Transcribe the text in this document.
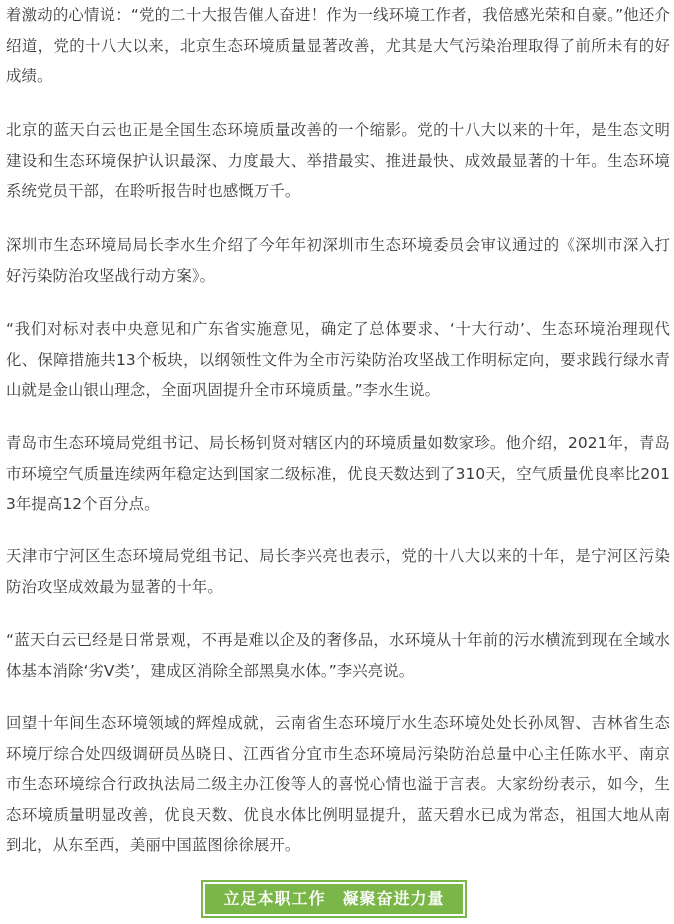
着激动的心情说：“党的二十大报告催人奋进！作为一线环境工作者，我倍感光荣和自豪。”他还介绍道，党的十八大以来，北京生态环境质量显著改善，尤其是大气污染治理取得了前所未有的好成绩。

北京的蓝天白云也正是全国生态环境质量改善的一个缩影。党的十八大以来的十年，是生态文明建设和生态环境保护认识最深、力度最大、举措最实、推进最快、成效最显著的十年。生态环境系统党员干部，在聆听报告时也感慨万千。

深圳市生态环境局局长李水生介绍了今年年初深圳市生态环境委员会审议通过的《深圳市深入打好污染防治攻坚战行动方案》。

“我们对标对表中央意见和广东省实施意见，确定了总体要求、‘十大行动’、生态环境治理现代化、保障措施共13个板块，以纲领性文件为全市污染防治攻坚战工作明标定向，要求践行绿水青山就是金山银山理念，全面巩固提升全市环境质量。”李水生说。

青岛市生态环境局党组书记、局长杨钊贤对辖区内的环境质量如数家珍。他介绍，2021年，青岛市环境空气质量连续两年稳定达到国家二级标准，优良天数达到了310天，空气质量优良率比2013年提高12个百分点。

天津市宁河区生态环境局党组书记、局长李兴亮也表示，党的十八大以来的十年，是宁河区污染防治攻坚成效最为显著的十年。

“蓝天白云已经是日常景观，不再是难以企及的奢侈品，水环境从十年前的污水横流到现在全域水体基本消除‘劣Ⅴ类’，建成区消除全部黑臭水体。”李兴亮说。

回望十年间生态环境领域的辉煌成就，云南省生态环境厅水生态环境处处长孙凤智、吉林省生态环境厅综合处四级调研员丛晓日、江西省分宜市生态环境局污染防治总量中心主任陈水平、南京市生态环境综合行政执法局二级主办江俊等人的喜悦心情也溢于言表。大家纷纷表示，如今，生态环境质量明显改善，优良天数、优良水体比例明显提升，蓝天碧水已成为常态，祖国大地从南到北，从东至西，美丽中国蓝图徐徐展开。

立足本职工作　凝聚奋进力量
